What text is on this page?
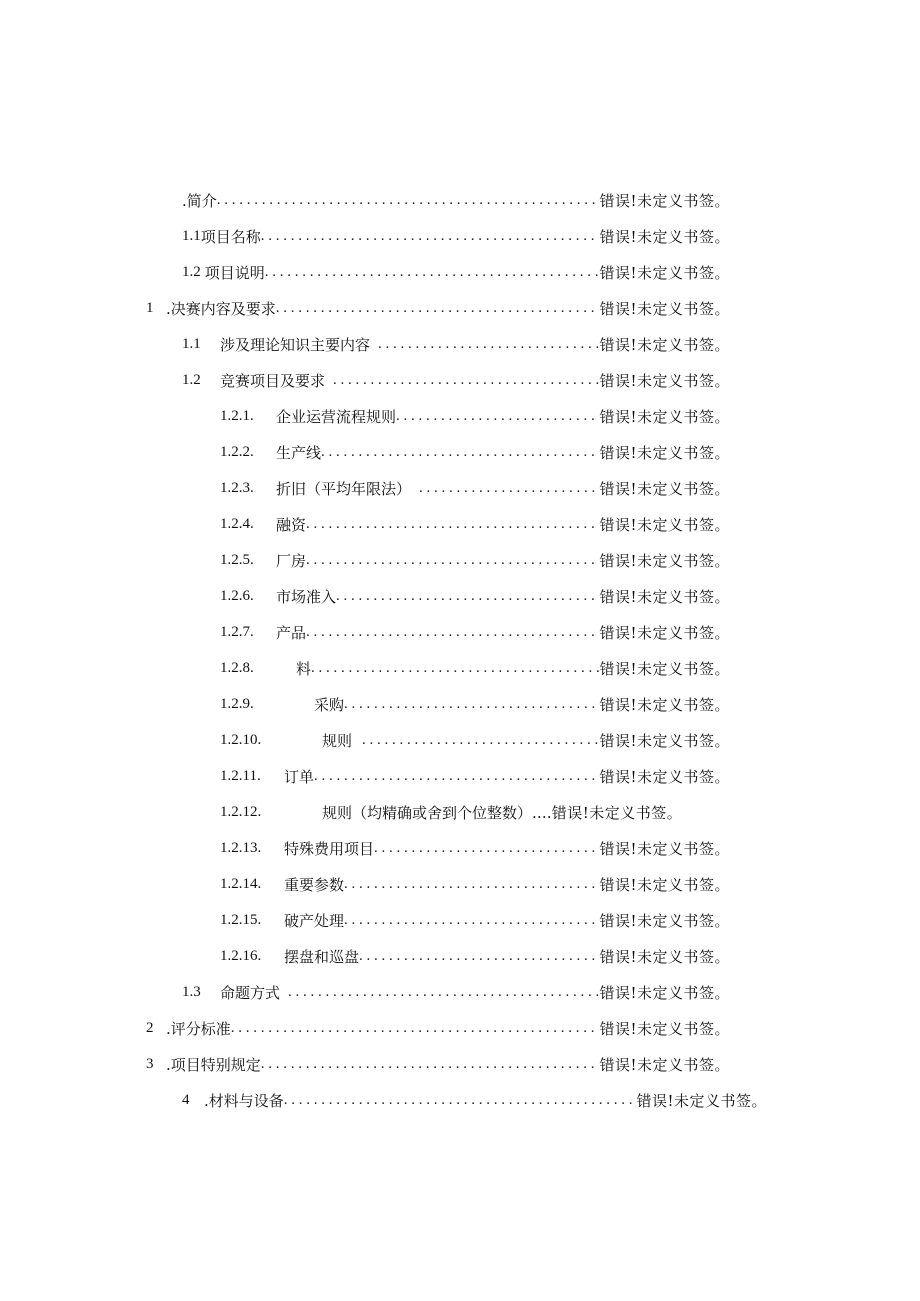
.简介 . . .	错误!未定义书签。
1.1 项目名称 . . .	错误!未定义书签。
1.2 项目说明 . . .	错误!未定义书签。
1 .决赛内容及要求 . . .	错误!未定义书签。
1.1	涉及理论知识主要内容 . . .	错误!未定义书签。
1.2	竞赛项目及要求 . . .	错误!未定义书签。
1.2.1.	企业运营流程规则 . . .	错误!未定义书签。
1.2.2.	生产线 . . .	错误!未定义书签。
1.2.3.	折旧（平均年限法） . . .	错误!未定义书签。
1.2.4.	融资 . . .	错误!未定义书签。
1.2.5.	厂房 . . .	错误!未定义书签。
1.2.6.	市场准入 . . .	错误!未定义书签。
1.2.7.	产品 . . .	错误!未定义书签。
1.2.8.	料 . . .	错误!未定义书签。
1.2.9.	采购 . . .	错误!未定义书签。
1.2.10.	规则 . . .	错误!未定义书签。
1.2.11.	订单 . . .	错误!未定义书签。
1.2.12.	规则（均精确或舍到个位整数）.… 错误!未定义书签。
1.2.13.	特殊费用项目 . . .	错误!未定义书签。
1.2.14.	重要参数 . . .	错误!未定义书签。
1.2.15.	破产处理 . . .	错误!未定义书签。
1.2.16.	摆盘和巡盘 . . .	错误!未定义书签。
1.3	命题方式 . . .	错误!未定义书签。
2 .评分标准 . . .	错误!未定义书签。
3 .项目特别规定 . . .	错误!未定义书签。
4 .材料与设备 . . .	错误!未定义书签。
